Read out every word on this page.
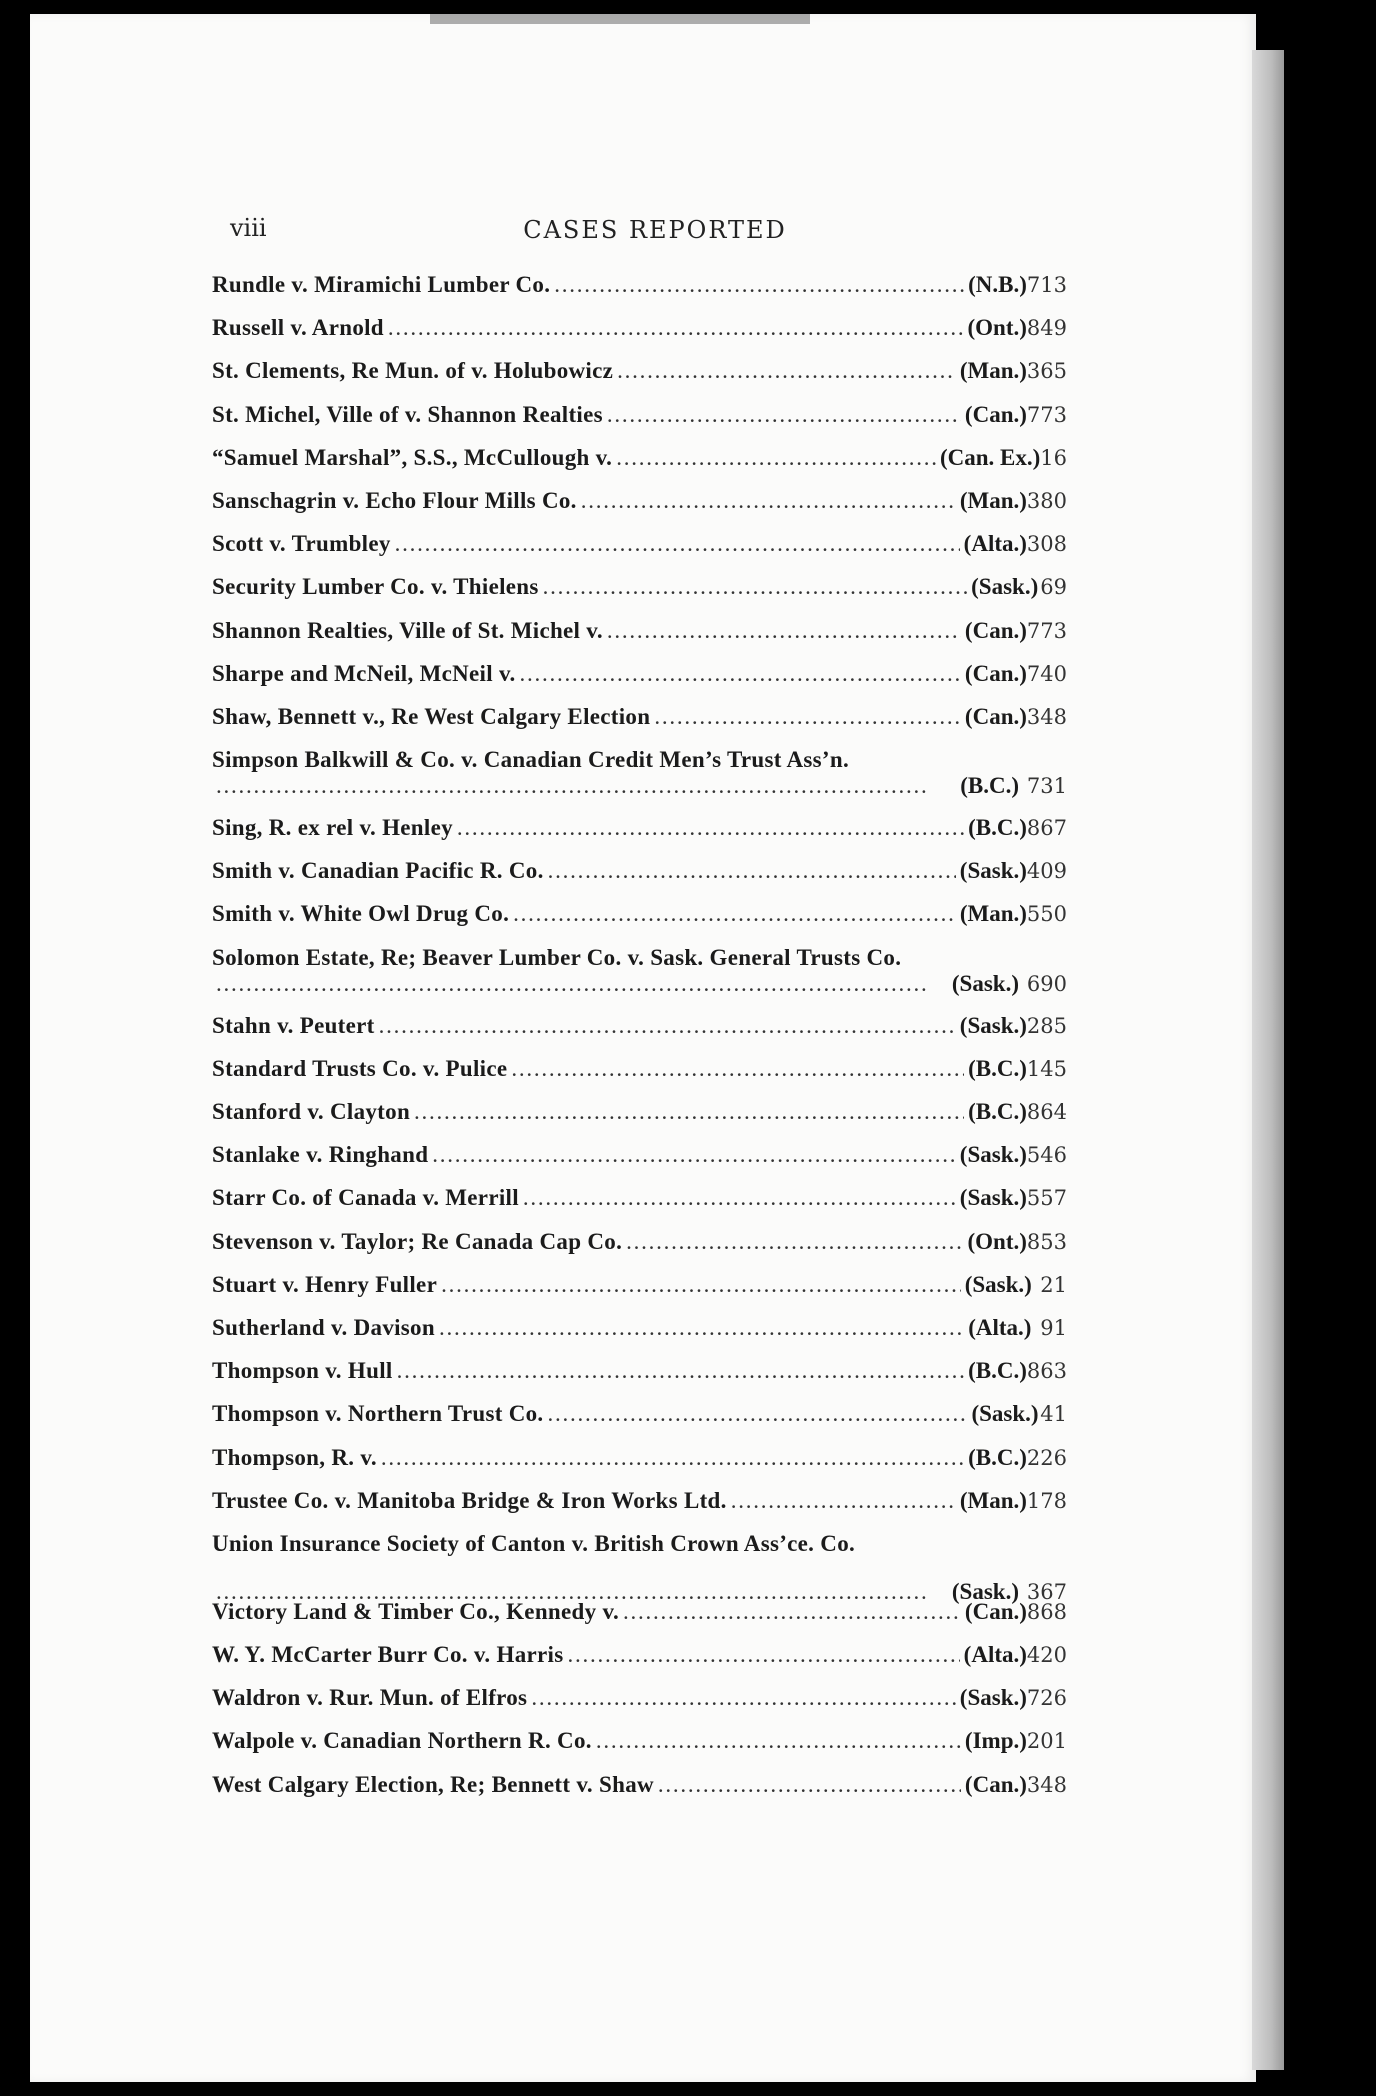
viii	CASES REPORTED
Rundle v. Miramichi Lumber Co. . . .	(N.B.) 713
Russell v. Arnold . . .	(Ont.) 849
St. Clements, Re Mun. of v. Holubowicz . . .	(Man.) 365
St. Michel, Ville of v. Shannon Realties . . .	(Can.) 773
“Samuel Marshal”, S.S., McCullough v. . . .	(Can. Ex.) 16
Sanschagrin v. Echo Flour Mills Co. . . .	(Man.) 380
Scott v. Trumbley . . .	(Alta.) 308
Security Lumber Co. v. Thielens . . .	(Sask.) 69
Shannon Realties, Ville of St. Michel v. . . .	(Can.) 773
Sharpe and McNeil, McNeil v. . . .	(Can.) 740
Shaw, Bennett v., Re West Calgary Election . . .	(Can.) 348
Simpson Balkwill & Co. v. Canadian Credit Men’s Trust Ass’n.
. . .
(B.C.) 731
Sing, R. ex rel v. Henley . . .	(B.C.) 867
Smith v. Canadian Pacific R. Co. . . .	(Sask.) 409
Smith v. White Owl Drug Co. . . .	(Man.) 550
Solomon Estate, Re; Beaver Lumber Co. v. Sask. General Trusts Co.
. . .
(Sask.) 690
Stahn v. Peutert . . .	(Sask.) 285
Standard Trusts Co. v. Pulice . . .	(B.C.) 145
Stanford v. Clayton . . .	(B.C.) 864
Stanlake v. Ringhand . . .	(Sask.) 546
Starr Co. of Canada v. Merrill . . .	(Sask.) 557
Stevenson v. Taylor; Re Canada Cap Co. . . .	(Ont.) 853
Stuart v. Henry Fuller . . .	(Sask.) 21
Sutherland v. Davison . . .	(Alta.) 91
Thompson v. Hull . . .	(B.C.) 863
Thompson v. Northern Trust Co. . . .	(Sask.) 41
Thompson, R. v. . . .	(B.C.) 226
Trustee Co. v. Manitoba Bridge & Iron Works Ltd. . . .	(Man.) 178
Union Insurance Society of Canton v. British Crown Ass’ce. Co.
. . .
(Sask.) 367
Victory Land & Timber Co., Kennedy v. . . .	(Can.) 868
W. Y. McCarter Burr Co. v. Harris . . .	(Alta.) 420
Waldron v. Rur. Mun. of Elfros . . .	(Sask.) 726
Walpole v. Canadian Northern R. Co. . . .	(Imp.) 201
West Calgary Election, Re; Bennett v. Shaw . . .	(Can.) 348
